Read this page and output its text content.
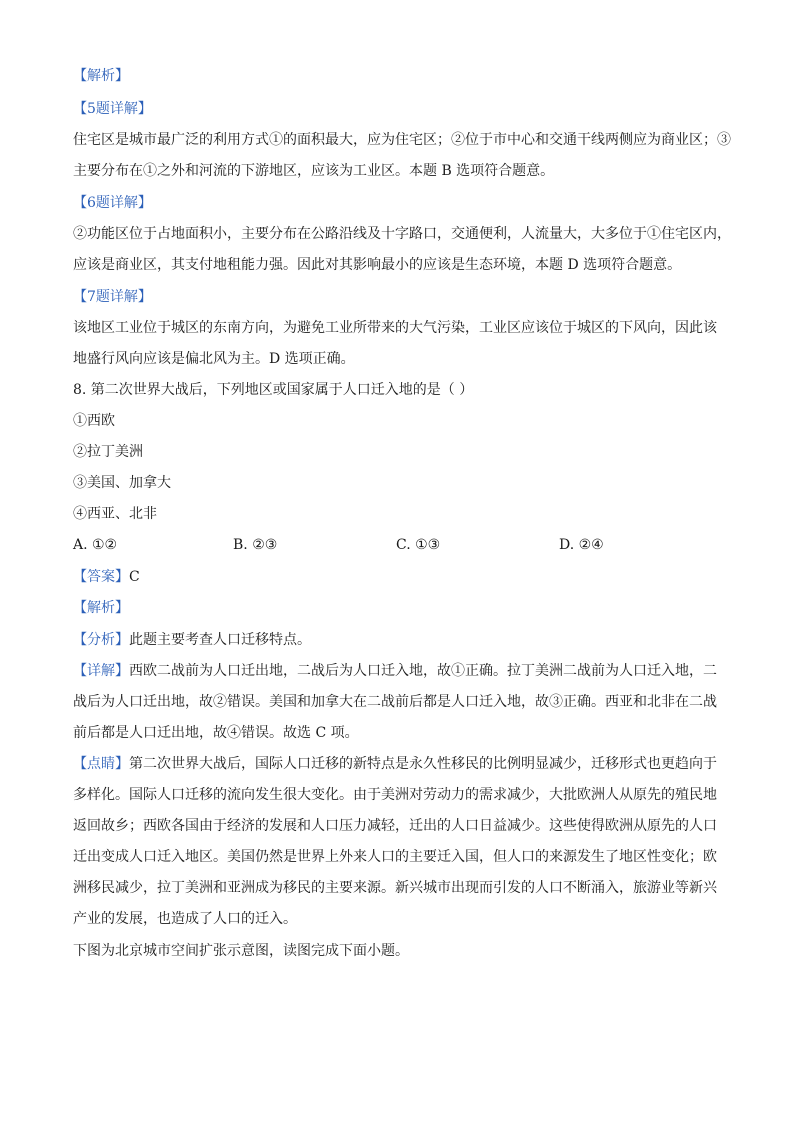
【解析】
【5题详解】
住宅区是城市最广泛的利用方式①的面积最大，应为住宅区；②位于市中心和交通干线两侧应为商业区；③
主要分布在①之外和河流的下游地区，应该为工业区。本题 B 选项符合题意。
【6题详解】
②功能区位于占地面积小，主要分布在公路沿线及十字路口，交通便利，人流量大，大多位于①住宅区内，
应该是商业区，其支付地租能力强。因此对其影响最小的应该是生态环境，本题 D 选项符合题意。
【7题详解】
该地区工业位于城区的东南方向，为避免工业所带来的大气污染，工业区应该位于城区的下风向，因此该
地盛行风向应该是偏北风为主。D 选项正确。
8. 第二次世界大战后，下列地区或国家属于人口迁入地的是（ ）
①西欧
②拉丁美洲
③美国、加拿大
④西亚、北非
A. ①②	B. ②③	C. ①③	D. ②④
【答案】C
【解析】
【分析】此题主要考查人口迁移特点。
【详解】西欧二战前为人口迁出地，二战后为人口迁入地，故①正确。拉丁美洲二战前为人口迁入地，二
战后为人口迁出地，故②错误。美国和加拿大在二战前后都是人口迁入地，故③正确。西亚和北非在二战
前后都是人口迁出地，故④错误。故选 C 项。
【点睛】第二次世界大战后，国际人口迁移的新特点是永久性移民的比例明显减少，迁移形式也更趋向于
多样化。国际人口迁移的流向发生很大变化。由于美洲对劳动力的需求减少，大批欧洲人从原先的殖民地
返回故乡；西欧各国由于经济的发展和人口压力减轻，迁出的人口日益减少。这些使得欧洲从原先的人口
迁出变成人口迁入地区。美国仍然是世界上外来人口的主要迁入国，但人口的来源发生了地区性变化；欧
洲移民减少，拉丁美洲和亚洲成为移民的主要来源。新兴城市出现而引发的人口不断涌入，旅游业等新兴
产业的发展，也造成了人口的迁入。
下图为北京城市空间扩张示意图，读图完成下面小题。
